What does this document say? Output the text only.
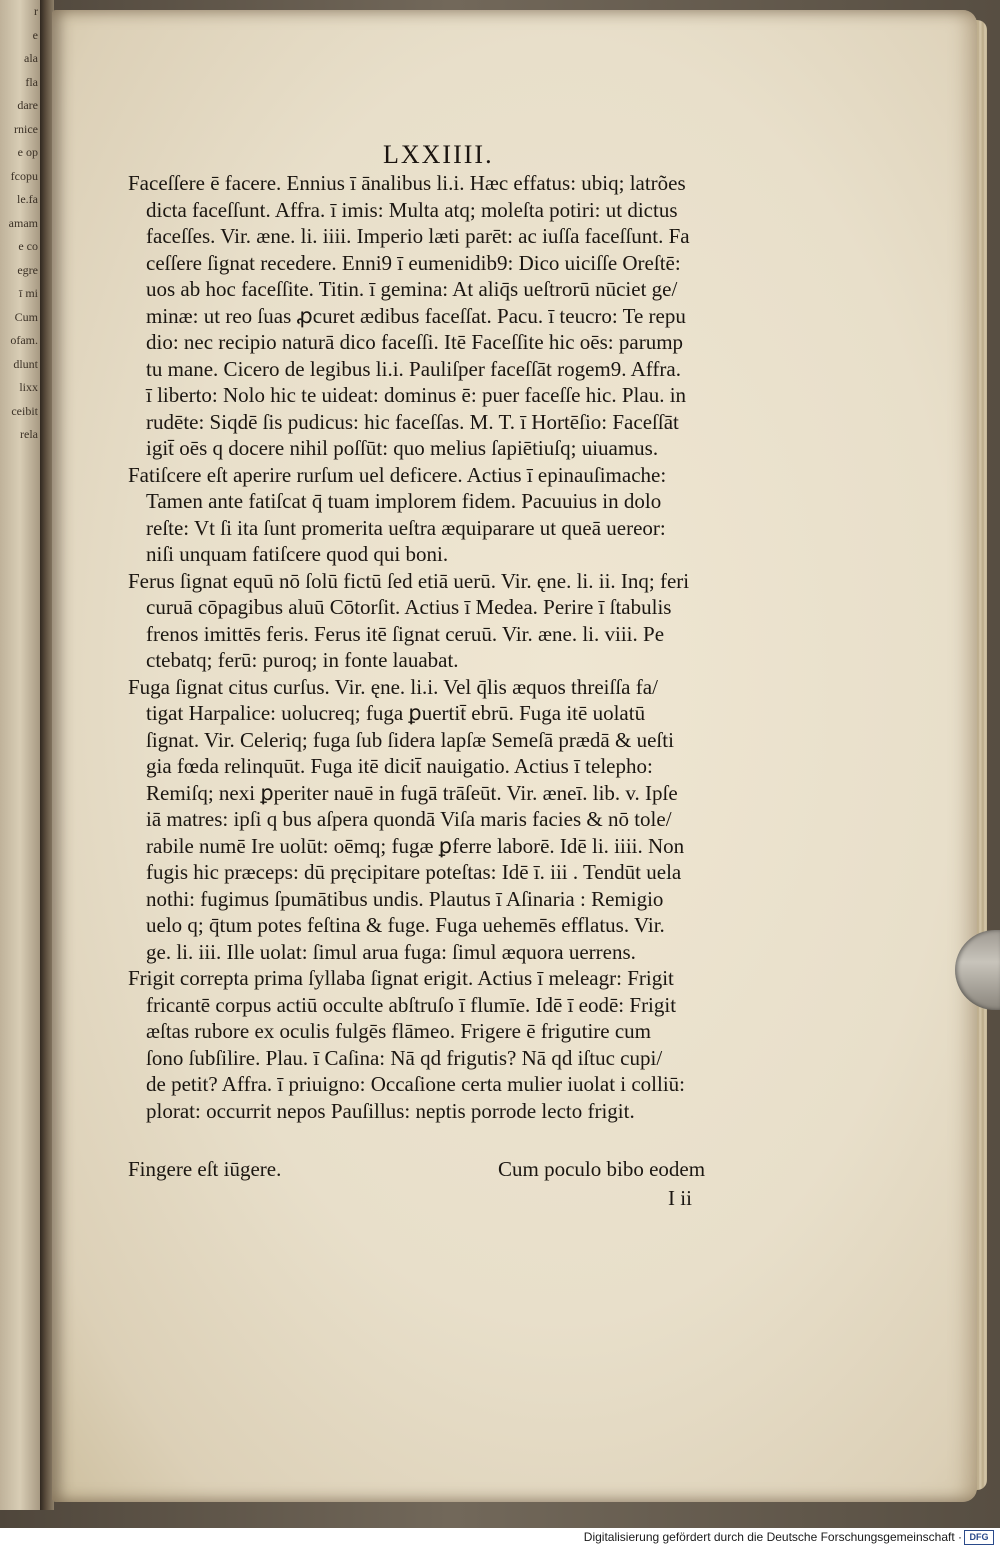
r
e
ala
fla
dare
rnice
e op
fcopu
le.fa
amam
e co
egre
ī mi
Cum
ofam.
dlunt
lixx
ceibit
rela
LXXIIII.
Faceſſere ē facere. Ennius ī ānalibus li.i. Hæc effatus: ubiq; latrões
dicta faceſſunt. Affra. ī imis: Multa atq; moleſta potiri: ut dictus
faceſſes. Vir. æne. li. iiii. Imperio læti parēt: ac iuſſa faceſſunt. Fa
ceſſere ſignat recedere. Enni9 ī eumenidib9: Dico uiciſſe Oreſtē:
uos ab hoc faceſſite. Titin. ī gemina: At aliq̄s ueſtrorū nūciet ge/
minæ: ut reo ſuas ꝓcuret ædibus faceſſat. Pacu. ī teucro: Te repu
dio: nec recipio naturā dico faceſſi. Itē Faceſſite hic oēs: parump
tu mane. Cicero de legibus li.i. Pauliſper faceſſāt rogem9. Affra.
ī liberto: Nolo hic te uideat: dominus ē: puer faceſſe hic. Plau. in
rudēte: Siqdē ſis pudicus: hic faceſſas. M. T. ī Hortēſio: Faceſſāt
igit̄ oēs q docere nihil poſſūt: quo melius ſapiētiuſq; uiuamus.
Fatiſcere eſt aperire rurſum uel deficere. Actius ī epinauſimache:
Tamen ante fatiſcat q̄ tuam implorem fidem. Pacuuius in dolo
reſte: Vt ſi ita ſunt promerita ueſtra æquiparare ut queā uereor:
niſi unquam fatiſcere quod qui boni.
Ferus ſignat equū nō ſolū fictū ſed etiā uerū. Vir. ęne. li. ii. Inq; feri
curuā cōpagibus aluū Cōtorſit. Actius ī Medea. Perire ī ſtabulis
frenos imittēs feris. Ferus itē ſignat ceruū. Vir. æne. li. viii. Pe
ctebatq; ferū: puroq; in fonte lauabat.
Fuga ſignat citus curſus. Vir. ęne. li.i. Vel q̄lis æquos threiſſa fa/
tigat Harpalice: uolucreq; fuga ꝑuertit̄ ebrū. Fuga itē uolatū
ſignat. Vir. Celeriq; fuga ſub ſidera lapſæ Semeſā prædā & ueſti
gia fœda relinquūt. Fuga itē dicit̄ nauigatio. Actius ī telepho:
Remiſq; nexi ꝑperiter nauē in fugā trāſeūt. Vir. æneī. lib. v. Ipſe
iā matres: ipſi q bus aſpera quondā Viſa maris facies & nō tole/
rabile numē Ire uolūt: oēmq; fugæ ꝑferre laborē. Idē li. iiii. Non
fugis hic præceps: dū pręcipitare poteſtas: Idē ī. iii . Tendūt uela
nothi: fugimus ſpumātibus undis. Plautus ī Aſinaria : Remigio
uelo q; q̄tum potes feſtina & fuge. Fuga uehemēs efflatus. Vir.
ge. li. iii. Ille uolat: ſimul arua fuga: ſimul æquora uerrens.
Frigit correpta prima ſyllaba ſignat erigit. Actius ī meleagr: Frigit
fricantē corpus actiū occulte abſtruſo ī flumīe. Idē ī eodē: Frigit
æſtas rubore ex oculis fulgēs flāmeo. Frigere ē frigutire cum
ſono ſubſilire. Plau. ī Caſina: Nā qd frigutis? Nā qd iſtuc cupi/
de petit? Affra. ī priuigno: Occaſione certa mulier iuolat i colliū:
plorat: occurrit nepos Pauſillus: neptis porrode lecto frigit.
Fingere eſt iūgere.	Cum poculo bibo eodem
I ii
Digitalisierung gefördert durch die Deutsche Forschungsgemeinschaft · DFG
